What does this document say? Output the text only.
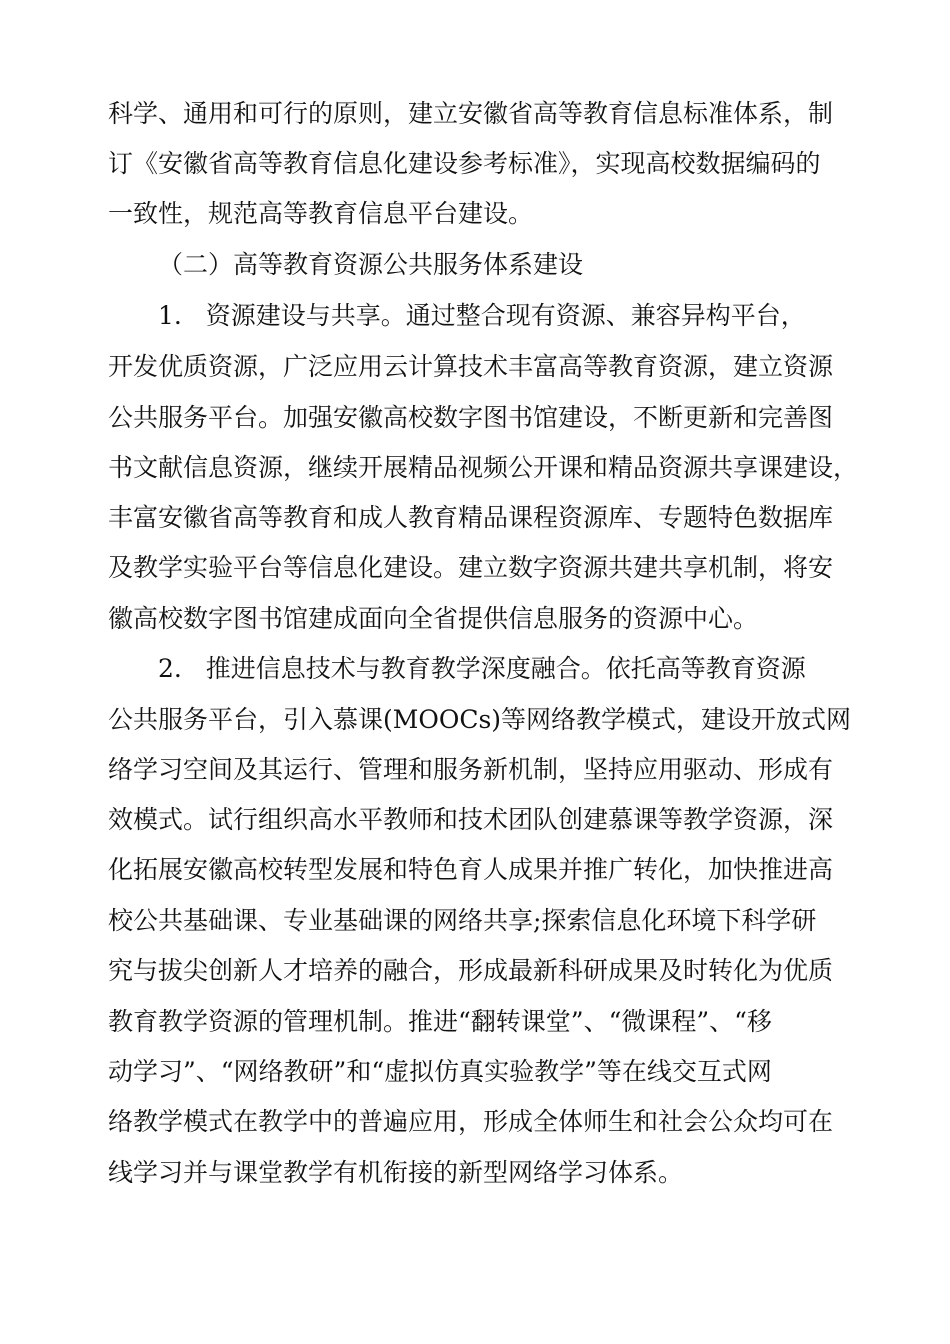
科学、通用和可行的原则，建立安徽省高等教育信息标准体系，制
订《安徽省高等教育信息化建设参考标准》，实现高校数据编码的
一致性，规范高等教育信息平台建设。
（二）高等教育资源公共服务体系建设
1.   资源建设与共享。通过整合现有资源、兼容异构平台，
开发优质资源，广泛应用云计算技术丰富高等教育资源，建立资源
公共服务平台。加强安徽高校数字图书馆建设，不断更新和完善图
书文献信息资源，继续开展精品视频公开课和精品资源共享课建设，
丰富安徽省高等教育和成人教育精品课程资源库、专题特色数据库
及教学实验平台等信息化建设。建立数字资源共建共享机制，将安
徽高校数字图书馆建成面向全省提供信息服务的资源中心。
2.   推进信息技术与教育教学深度融合。依托高等教育资源
公共服务平台，引入慕课(MOOCs)等网络教学模式，建设开放式网
络学习空间及其运行、管理和服务新机制，坚持应用驱动、形成有
效模式。试行组织高水平教师和技术团队创建慕课等教学资源，深
化拓展安徽高校转型发展和特色育人成果并推广转化，加快推进高
校公共基础课、专业基础课的网络共享;探索信息化环境下科学研
究与拔尖创新人才培养的融合，形成最新科研成果及时转化为优质
教育教学资源的管理机制。推进“翻转课堂”、“微课程”、“移
动学习”、“网络教研”和“虚拟仿真实验教学”等在线交互式网
络教学模式在教学中的普遍应用，形成全体师生和社会公众均可在
线学习并与课堂教学有机衔接的新型网络学习体系。
